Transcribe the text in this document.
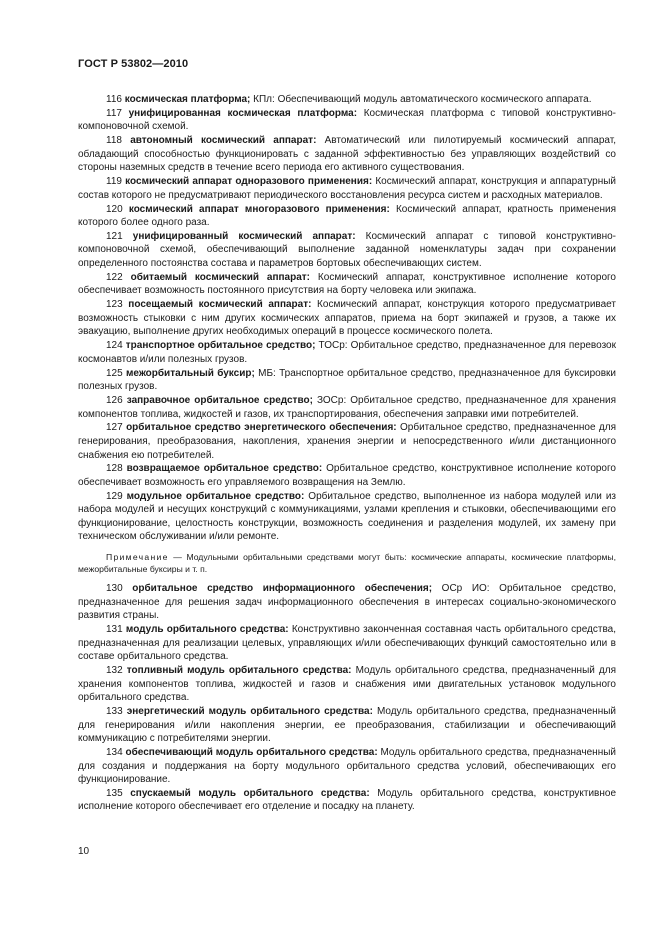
ГОСТ Р 53802—2010

116 космическая платформа; КПл: Обеспечивающий модуль автоматического космического аппарата.

117 унифицированная космическая платформа: Космическая платформа с типовой конструктивно-компоновочной схемой.

118 автономный космический аппарат: Автоматический или пилотируемый космический аппарат, обладающий способностью функционировать с заданной эффективностью без управляющих воздействий со стороны наземных средств в течение всего периода его активного существования.

119 космический аппарат одноразового применения: Космический аппарат, конструкция и аппаратурный состав которого не предусматривают периодического восстановления ресурса систем и расходных материалов.

120 космический аппарат многоразового применения: Космический аппарат, кратность применения которого более одного раза.

121 унифицированный космический аппарат: Космический аппарат с типовой конструктивно-компоновочной схемой, обеспечивающий выполнение заданной номенклатуры задач при сохранении определенного постоянства состава и параметров бортовых обеспечивающих систем.

122 обитаемый космический аппарат: Космический аппарат, конструктивное исполнение которого обеспечивает возможность постоянного присутствия на борту человека или экипажа.

123 посещаемый космический аппарат: Космический аппарат, конструкция которого предусматривает возможность стыковки с ним других космических аппаратов, приема на борт экипажей и грузов, а также их эвакуацию, выполнение других необходимых операций в процессе космического полета.

124 транспортное орбитальное средство; ТОСр: Орбитальное средство, предназначенное для перевозок космонавтов и/или полезных грузов.

125 межорбитальный буксир; МБ: Транспортное орбитальное средство, предназначенное для буксировки полезных грузов.

126 заправочное орбитальное средство; ЗОСр: Орбитальное средство, предназначенное для хранения компонентов топлива, жидкостей и газов, их транспортирования, обеспечения заправки ими потребителей.

127 орбитальное средство энергетического обеспечения: Орбитальное средство, предназначенное для генерирования, преобразования, накопления, хранения энергии и непосредственного и/или дистанционного снабжения ею потребителей.

128 возвращаемое орбитальное средство: Орбитальное средство, конструктивное исполнение которого обеспечивает возможность его управляемого возвращения на Землю.

129 модульное орбитальное средство: Орбитальное средство, выполненное из набора модулей или из набора модулей и несущих конструкций с коммуникациями, узлами крепления и стыковки, обеспечивающими его функционирование, целостность конструкции, возможность соединения и разделения модулей, их замену при техническом обслуживании и/или ремонте.

Примечание — Модульными орбитальными средствами могут быть: космические аппараты, космические платформы, межорбитальные буксиры и т. п.

130 орбитальное средство информационного обеспечения; ОСр ИО: Орбитальное средство, предназначенное для решения задач информационного обеспечения в интересах социально-экономического развития страны.

131 модуль орбитального средства: Конструктивно законченная составная часть орбитального средства, предназначенная для реализации целевых, управляющих и/или обеспечивающих функций самостоятельно или в составе орбитального средства.

132 топливный модуль орбитального средства: Модуль орбитального средства, предназначенный для хранения компонентов топлива, жидкостей и газов и снабжения ими двигательных установок модульного орбитального средства.

133 энергетический модуль орбитального средства: Модуль орбитального средства, предназначенный для генерирования и/или накопления энергии, ее преобразования, стабилизации и обеспечивающий коммуникацию с потребителями энергии.

134 обеспечивающий модуль орбитального средства: Модуль орбитального средства, предназначенный для создания и поддержания на борту модульного орбитального средства условий, обеспечивающих его функционирование.

135 спускаемый модуль орбитального средства: Модуль орбитального средства, конструктивное исполнение которого обеспечивает его отделение и посадку на планету.

10
